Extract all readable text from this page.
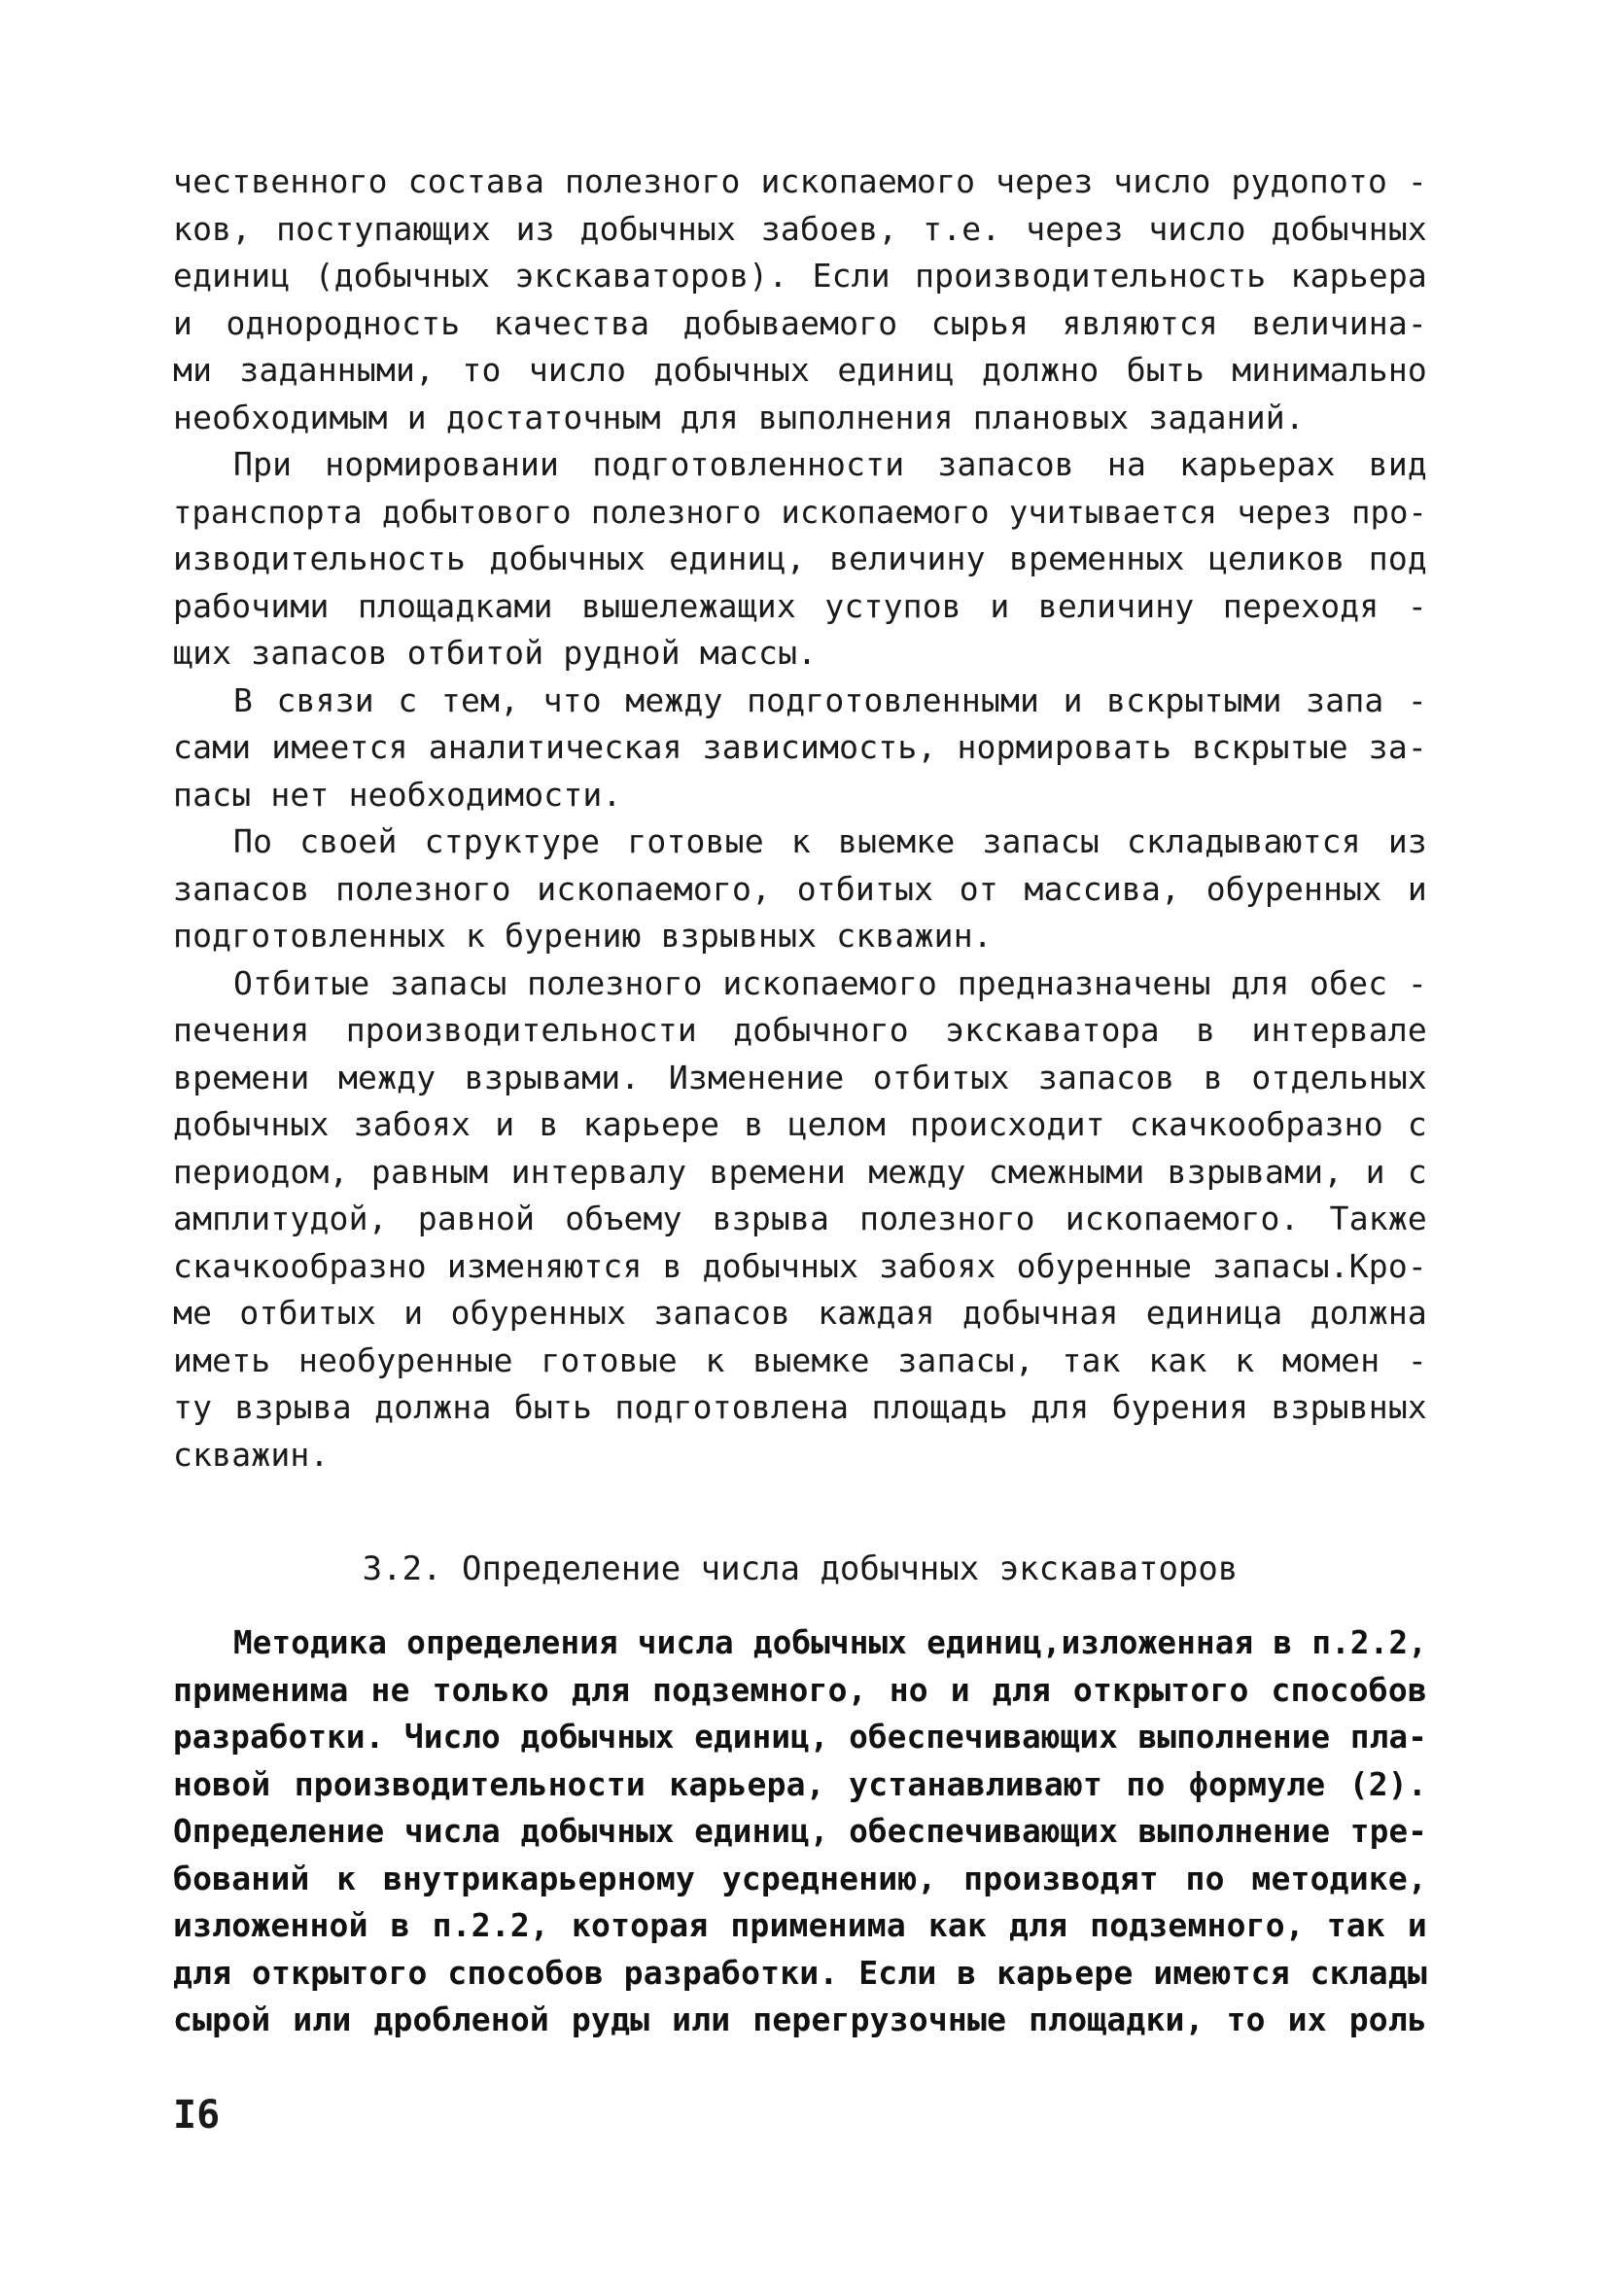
чественного состава полезного ископаемого через число рудопото -
ков, поступающих из добычных забоев, т.е. через число добычных
единиц (добычных экскаваторов). Если производительность карьера
и однородность качества добываемого сырья являются величина-
ми заданными, то число добычных единиц должно быть минимально
необходимым и достаточным для выполнения плановых заданий.
При нормировании подготовленности запасов на карьерах вид
транспорта добытового полезного ископаемого учитывается через про-
изводительность добычных единиц, величину временных целиков под
рабочими площадками вышележащих уступов и величину переходя -
щих запасов отбитой рудной массы.
В связи с тем, что между подготовленными и вскрытыми запа -
сами имеется аналитическая зависимость, нормировать вскрытые за-
пасы нет необходимости.
По своей структуре готовые к выемке запасы складываются из
запасов полезного ископаемого, отбитых от массива, обуренных и
подготовленных к бурению взрывных скважин.
Отбитые запасы полезного ископаемого предназначены для обес -
печения производительности добычного экскаватора в интервале
времени между взрывами. Изменение отбитых запасов в отдельных
добычных забоях и в карьере в целом происходит скачкообразно с
периодом, равным интервалу времени между смежными взрывами, и с
амплитудой, равной объему взрыва полезного ископаемого. Также
скачкообразно изменяются в добычных забоях обуренные запасы.Кро-
ме отбитых и обуренных запасов каждая добычная единица должна
иметь необуренные готовые к выемке запасы, так как к момен -
ту взрыва должна быть подготовлена площадь для бурения взрывных
скважин.
3.2. Определение числа добычных экскаваторов
Методика определения числа добычных единиц,изложенная в п.2.2,
применима не только для подземного, но и для открытого способов
разработки. Число добычных единиц, обеспечивающих выполнение пла-
новой производительности карьера, устанавливают по формуле (2).
Определение числа добычных единиц, обеспечивающих выполнение тре-
бований к внутрикарьерному усреднению, производят по методике,
изложенной в п.2.2, которая применима как для подземного, так и
для открытого способов разработки. Если в карьере имеются склады
сырой или дробленой руды или перегрузочные площадки, то их роль
I6
